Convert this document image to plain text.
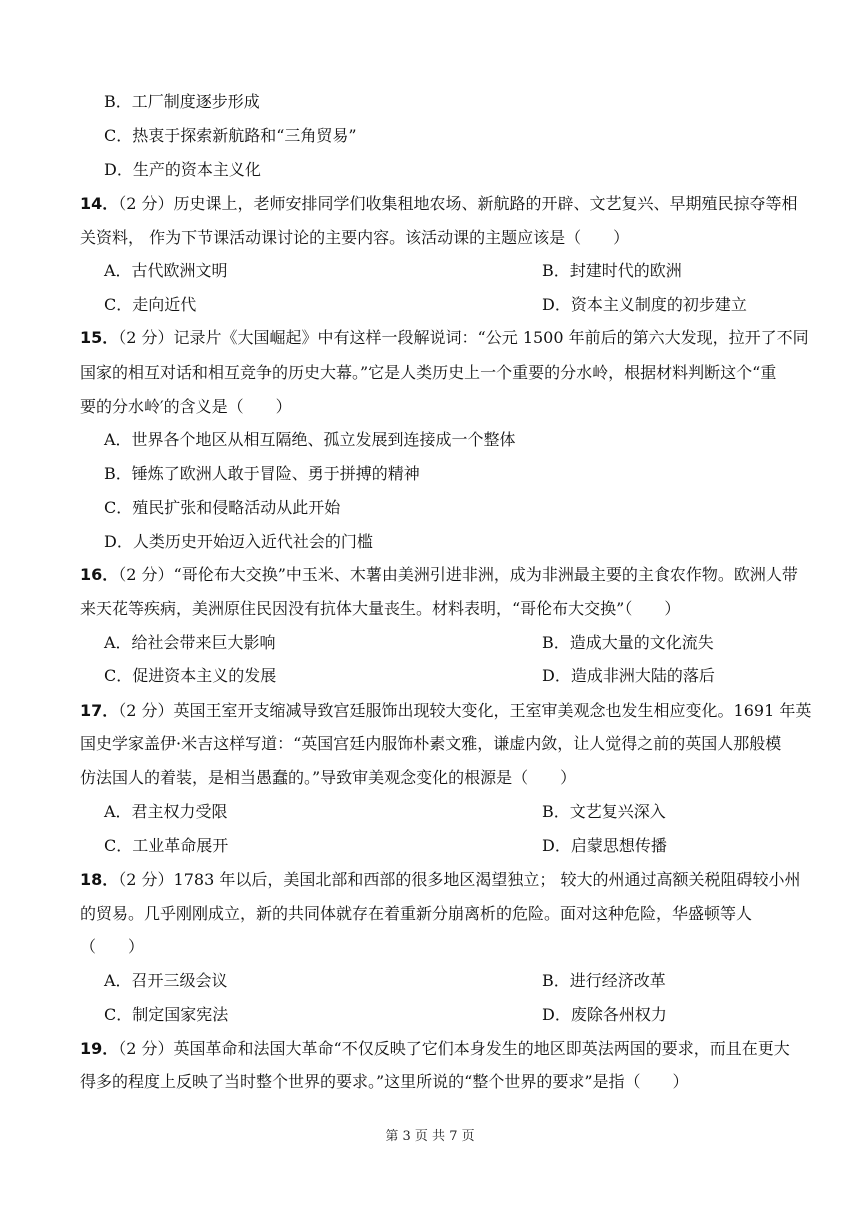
B．工厂制度逐步形成
C．热衷于探索新航路和“三角贸易”
D．生产的资本主义化
14．（2 分）历史课上，老师安排同学们收集租地农场、新航路的开辟、文艺复兴、早期殖民掠夺等相
关资料， 作为下节课活动课讨论的主要内容。该活动课的主题应该是（　　）
A．古代欧洲文明	B．封建时代的欧洲
C．走向近代	D．资本主义制度的初步建立
15．（2 分）记录片《大国崛起》中有这样一段解说词：“公元 1500 年前后的第六大发现，拉开了不同
国家的相互对话和相互竞争的历史大幕。”它是人类历史上一个重要的分水岭，根据材料判断这个“重
要的分水岭′的含义是（　　）
A．世界各个地区从相互隔绝、孤立发展到连接成一个整体
B．锤炼了欧洲人敢于冒险、勇于拼搏的精神
C．殖民扩张和侵略活动从此开始
D．人类历史开始迈入近代社会的门槛
16．（2 分）“哥伦布大交换”中玉米、木薯由美洲引进非洲，成为非洲最主要的主食农作物。欧洲人带
来天花等疾病，美洲原住民因没有抗体大量丧生。材料表明，“哥伦布大交换”（　　）
A．给社会带来巨大影响	B．造成大量的文化流失
C．促进资本主义的发展	D．造成非洲大陆的落后
17．（2 分）英国王室开支缩减导致宫廷服饰出现较大变化，王室审美观念也发生相应变化。1691 年英
国史学家盖伊·米吉这样写道：“英国宫廷内服饰朴素文雅，谦虚内敛，让人觉得之前的英国人那般模
仿法国人的着装，是相当愚蠢的。”导致审美观念变化的根源是（　　）
A．君主权力受限	B．文艺复兴深入
C．工业革命展开	D．启蒙思想传播
18．（2 分）1783 年以后，美国北部和西部的很多地区渴望独立； 较大的州通过高额关税阻碍较小州
的贸易。几乎刚刚成立，新的共同体就存在着重新分崩离析的危险。面对这种危险，华盛顿等人
（　　）
A．召开三级会议	B．进行经济改革
C．制定国家宪法	D．废除各州权力
19．（2 分）英国革命和法国大革命“不仅反映了它们本身发生的地区即英法两国的要求，而且在更大
得多的程度上反映了当时整个世界的要求。”这里所说的“整个世界的要求”是指（　　）
第 3 页 共 7 页
